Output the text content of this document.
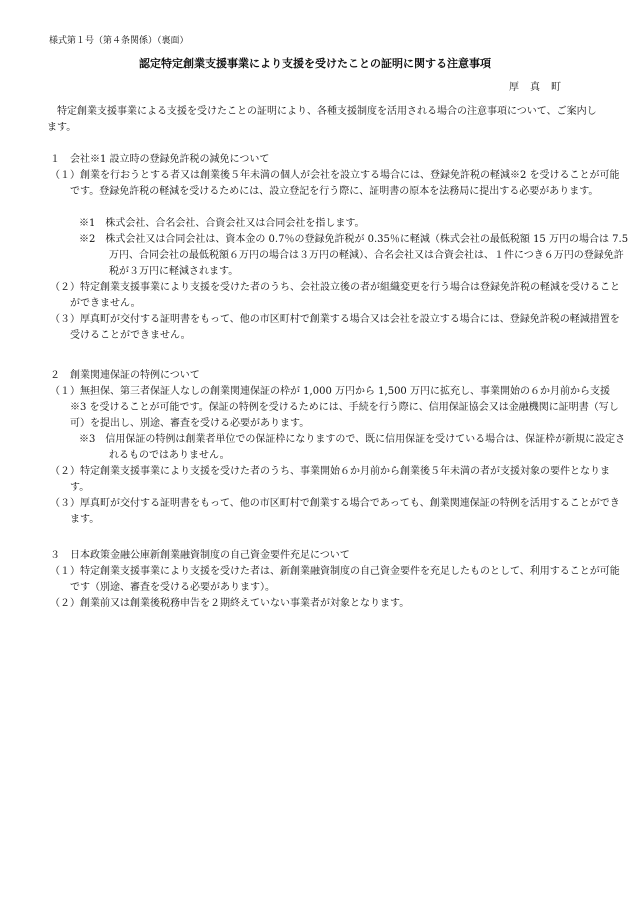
様式第１号（第４条関係）（裏面）
認定特定創業支援事業により支援を受けたことの証明に関する注意事項
厚真町
　特定創業支援事業による支援を受けたことの証明により、各種支援制度を活用される場合の注意事項について、ご案内します。
１　会社※1 設立時の登録免許税の減免について
（１）創業を行おうとする者又は創業後５年未満の個人が会社を設立する場合には、登録免許税の軽減※2 を受けることが可能です。登録免許税の軽減を受けるためには、設立登記を行う際に、証明書の原本を法務局に提出する必要があります。
※1　株式会社、合名会社、合資会社又は合同会社を指します。
※2　株式会社又は合同会社は、資本金の 0.7％の登録免許税が 0.35％に軽減（株式会社の最低税額 15 万円の場合は 7.5 万円、合同会社の最低税額６万円の場合は３万円の軽減）、合名会社又は合資会社は、１件につき６万円の登録免許税が３万円に軽減されます。
（２）特定創業支援事業により支援を受けた者のうち、会社設立後の者が組織変更を行う場合は登録免許税の軽減を受けることができません。
（３）厚真町が交付する証明書をもって、他の市区町村で創業する場合又は会社を設立する場合には、登録免許税の軽減措置を受けることができません。
２　創業関連保証の特例について
（１）無担保、第三者保証人なしの創業関連保証の枠が 1,000 万円から 1,500 万円に拡充し、事業開始の６か月前から支援※3 を受けることが可能です。保証の特例を受けるためには、手続を行う際に、信用保証協会又は金融機関に証明書（写し可）を提出し、別途、審査を受ける必要があります。
※3　信用保証の特例は創業者単位での保証枠になりますので、既に信用保証を受けている場合は、保証枠が新規に設定されるものではありません。
（２）特定創業支援事業により支援を受けた者のうち、事業開始６か月前から創業後５年未満の者が支援対象の要件となります。
（３）厚真町が交付する証明書をもって、他の市区町村で創業する場合であっても、創業関連保証の特例を活用することができます。
３　日本政策金融公庫新創業融資制度の自己資金要件充足について
（１）特定創業支援事業により支援を受けた者は、新創業融資制度の自己資金要件を充足したものとして、利用することが可能です（別途、審査を受ける必要があります）。
（２）創業前又は創業後税務申告を２期終えていない事業者が対象となります。
